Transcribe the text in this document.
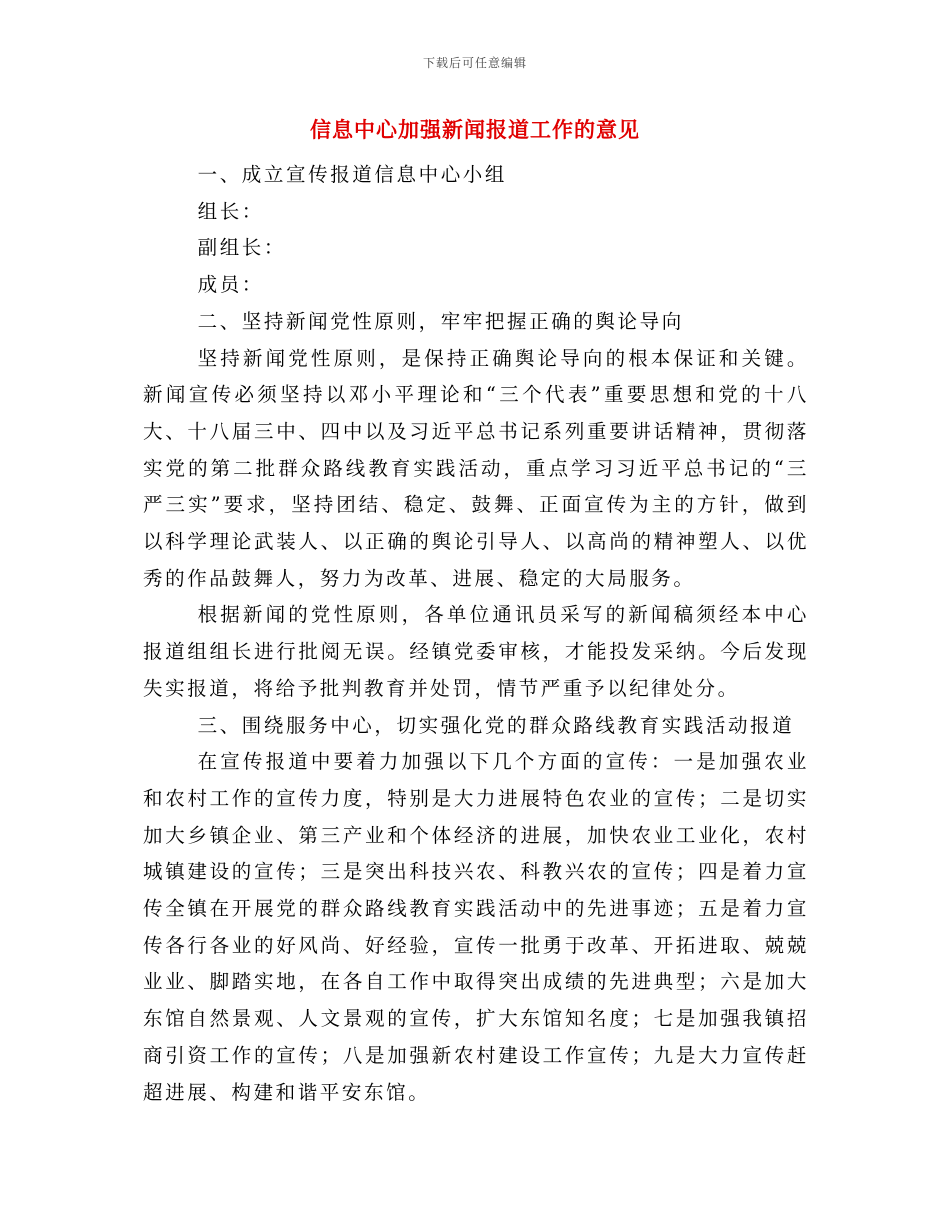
下载后可任意编辑
信息中心加强新闻报道工作的意见

一、成立宣传报道信息中心小组

组长：

副组长：

成员：

二、坚持新闻党性原则，牢牢把握正确的舆论导向

坚持新闻党性原则，是保持正确舆论导向的根本保证和关键。新闻宣传必须坚持以邓小平理论和“三个代表”重要思想和党的十八大、十八届三中、四中以及习近平总书记系列重要讲话精神，贯彻落实党的第二批群众路线教育实践活动，重点学习习近平总书记的“三严三实”要求，坚持团结、稳定、鼓舞、正面宣传为主的方针，做到以科学理论武装人、以正确的舆论引导人、以高尚的精神塑人、以优秀的作品鼓舞人，努力为改革、进展、稳定的大局服务。

根据新闻的党性原则，各单位通讯员采写的新闻稿须经本中心报道组组长进行批阅无误。经镇党委审核，才能投发采纳。今后发现失实报道，将给予批判教育并处罚，情节严重予以纪律处分。

三、围绕服务中心，切实强化党的群众路线教育实践活动报道

在宣传报道中要着力加强以下几个方面的宣传：一是加强农业和农村工作的宣传力度，特别是大力进展特色农业的宣传；二是切实加大乡镇企业、第三产业和个体经济的进展，加快农业工业化，农村城镇建设的宣传；三是突出科技兴农、科教兴农的宣传；四是着力宣传全镇在开展党的群众路线教育实践活动中的先进事迹；五是着力宣传各行各业的好风尚、好经验，宣传一批勇于改革、开拓进取、兢兢业业、脚踏实地，在各自工作中取得突出成绩的先进典型；六是加大东馆自然景观、人文景观的宣传，扩大东馆知名度；七是加强我镇招商引资工作的宣传；八是加强新农村建设工作宣传；九是大力宣传赶超进展、构建和谐平安东馆。
